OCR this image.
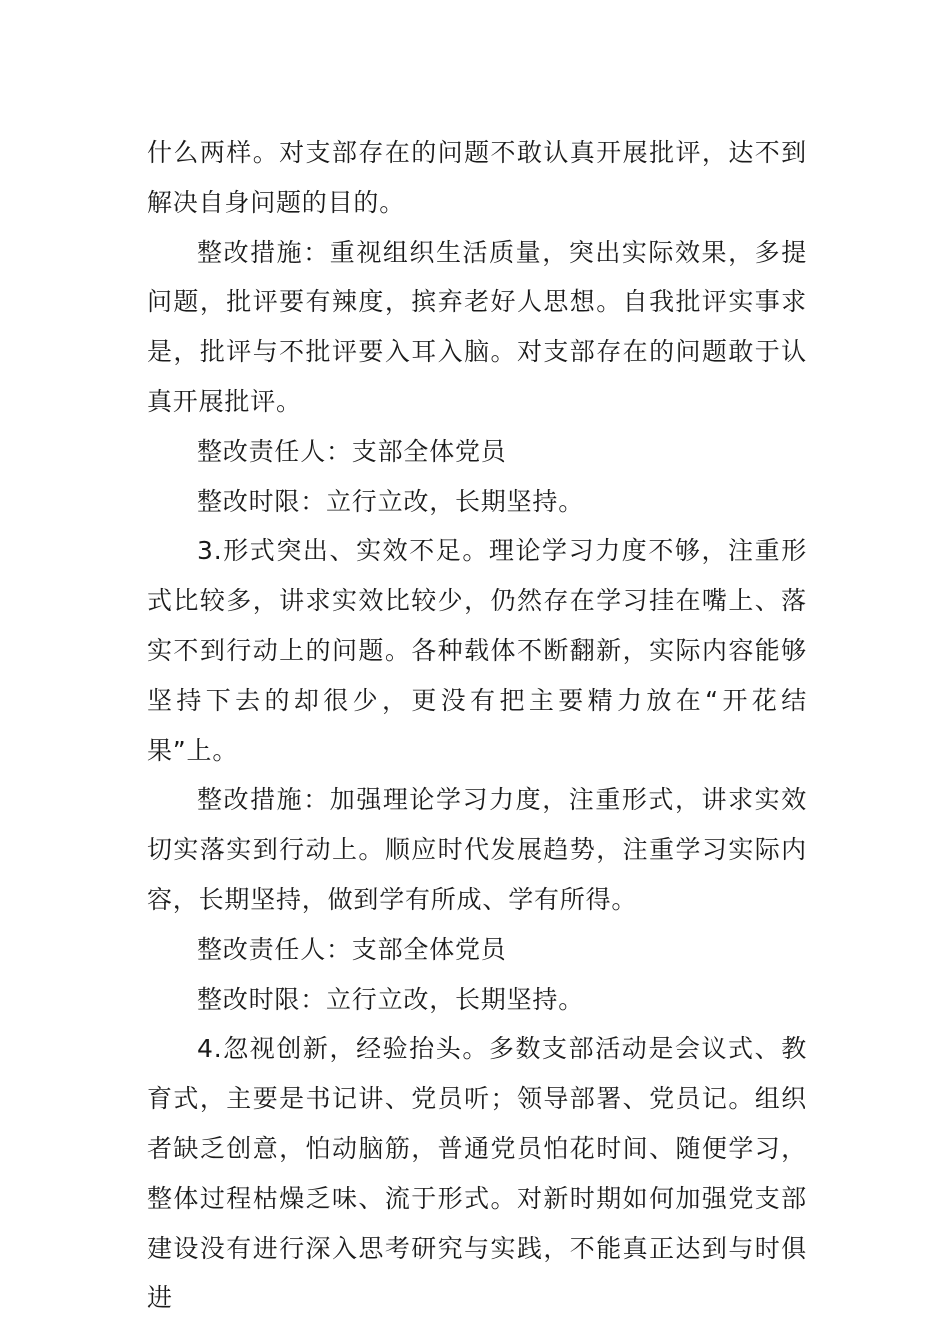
什么两样。对支部存在的问题不敢认真开展批评，达不到解决自身问题的目的。

整改措施：重视组织生活质量，突出实际效果，多提问题，批评要有辣度，摈弃老好人思想。自我批评实事求是，批评与不批评要入耳入脑。对支部存在的问题敢于认真开展批评。

整改责任人：支部全体党员

整改时限：立行立改，长期坚持。

3.形式突出、实效不足。理论学习力度不够，注重形式比较多，讲求实效比较少，仍然存在学习挂在嘴上、落实不到行动上的问题。各种载体不断翻新，实际内容能够坚持下去的却很少，更没有把主要精力放在“开花结果”上。

整改措施：加强理论学习力度，注重形式，讲求实效切实落实到行动上。顺应时代发展趋势，注重学习实际内容，长期坚持，做到学有所成、学有所得。

整改责任人：支部全体党员

整改时限：立行立改，长期坚持。

4.忽视创新，经验抬头。多数支部活动是会议式、教育式，主要是书记讲、党员听；领导部署、党员记。组织者缺乏创意，怕动脑筋，普通党员怕花时间、随便学习，整体过程枯燥乏味、流于形式。对新时期如何加强党支部建设没有进行深入思考研究与实践，不能真正达到与时俱进
